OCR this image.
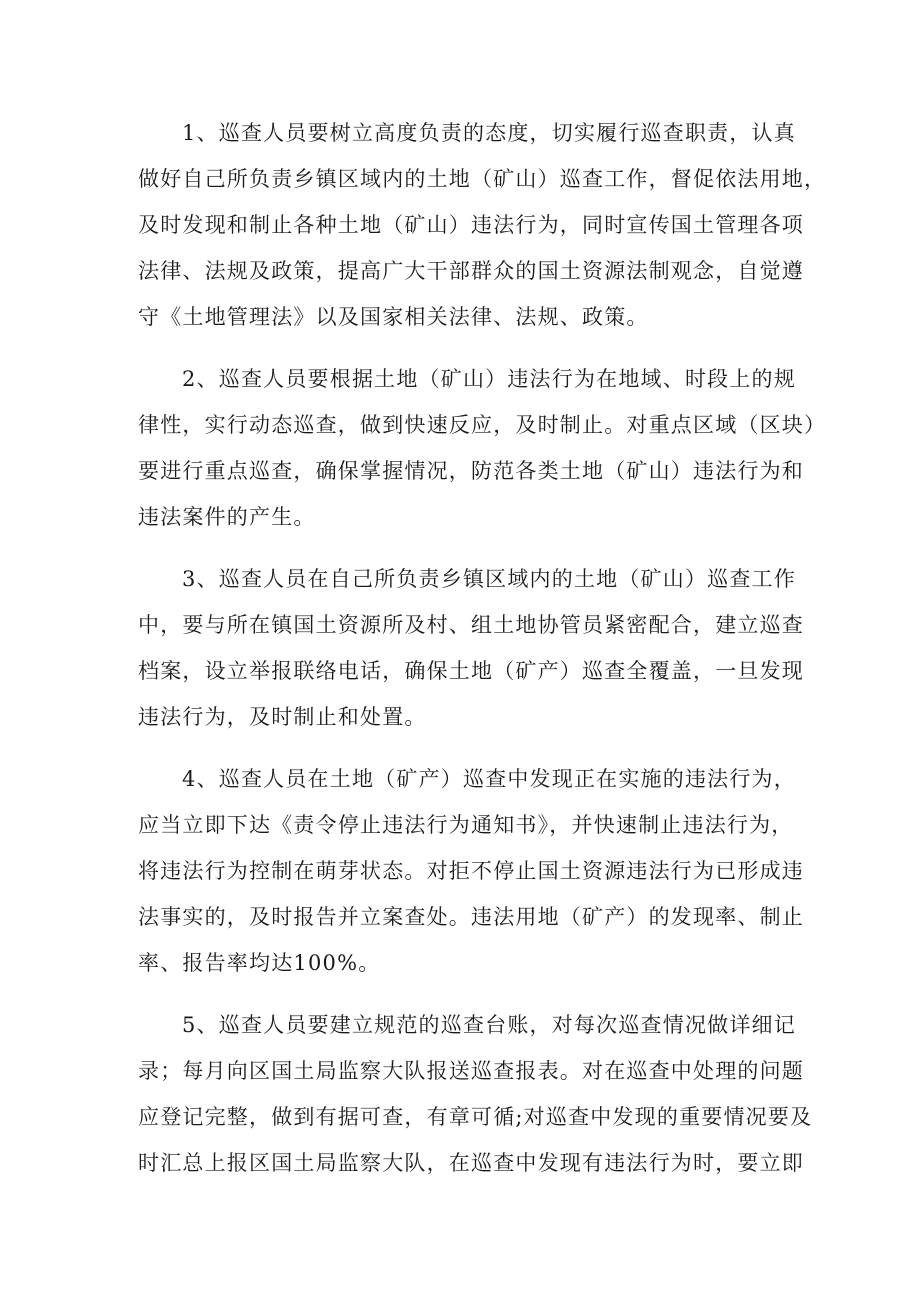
1、巡查人员要树立高度负责的态度，切实履行巡查职责，认真
做好自己所负责乡镇区域内的土地（矿山）巡查工作，督促依法用地，
及时发现和制止各种土地（矿山）违法行为，同时宣传国土管理各项
法律、法规及政策，提高广大干部群众的国土资源法制观念，自觉遵
守《土地管理法》以及国家相关法律、法规、政策。

2、巡查人员要根据土地（矿山）违法行为在地域、时段上的规
律性，实行动态巡查，做到快速反应，及时制止。对重点区域（区块）
要进行重点巡查，确保掌握情况，防范各类土地（矿山）违法行为和
违法案件的产生。

3、巡查人员在自己所负责乡镇区域内的土地（矿山）巡查工作
中，要与所在镇国土资源所及村、组土地协管员紧密配合，建立巡查
档案，设立举报联络电话，确保土地（矿产）巡查全覆盖，一旦发现
违法行为，及时制止和处置。

4、巡查人员在土地（矿产）巡查中发现正在实施的违法行为，
应当立即下达《责令停止违法行为通知书》，并快速制止违法行为，
将违法行为控制在萌芽状态。对拒不停止国土资源违法行为已形成违
法事实的，及时报告并立案查处。违法用地（矿产）的发现率、制止
率、报告率均达100%。

5、巡查人员要建立规范的巡查台账，对每次巡查情况做详细记
录；每月向区国土局监察大队报送巡查报表。对在巡查中处理的问题
应登记完整，做到有据可查，有章可循;对巡查中发现的重要情况要及
时汇总上报区国土局监察大队，在巡查中发现有违法行为时，要立即
